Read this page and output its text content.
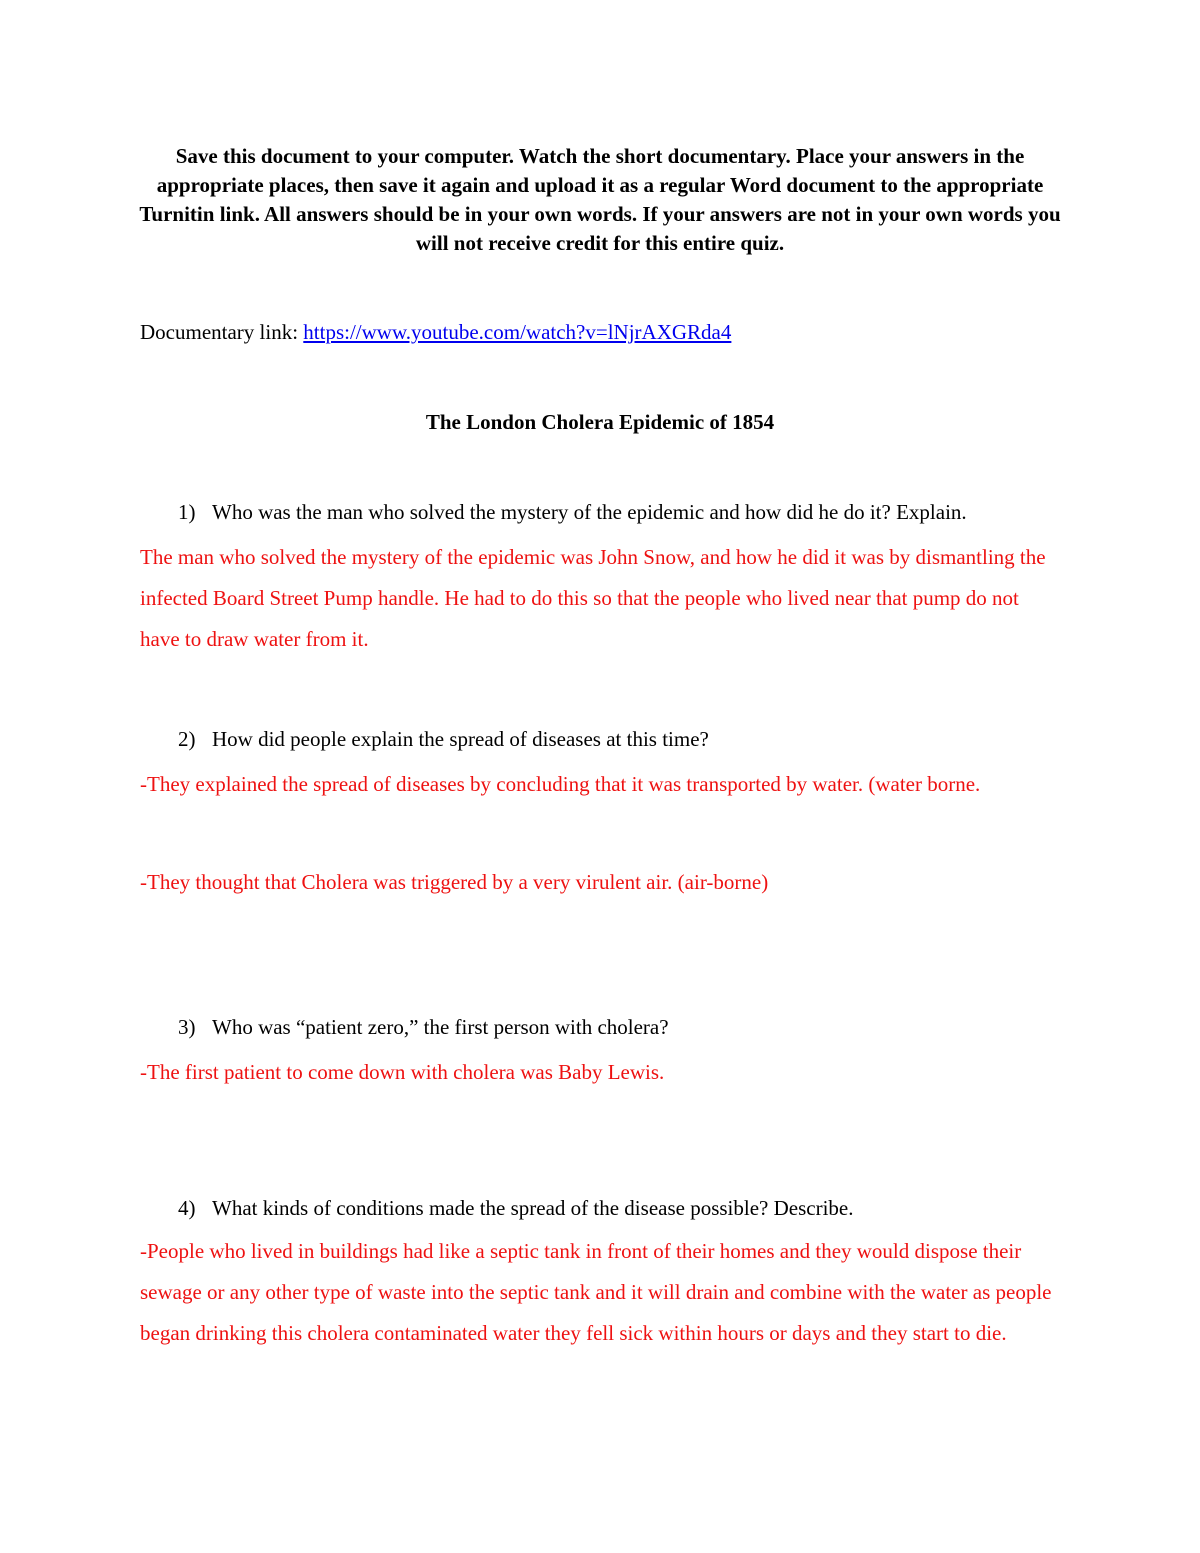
Save this document to your computer. Watch the short documentary. Place your answers in the appropriate places, then save it again and upload it as a regular Word document to the appropriate Turnitin link. All answers should be in your own words. If your answers are not in your own words you will not receive credit for this entire quiz.
Documentary link: https://www.youtube.com/watch?v=lNjrAXGRda4
The London Cholera Epidemic of 1854
1) Who was the man who solved the mystery of the epidemic and how did he do it? Explain.
The man who solved the mystery of the epidemic was John Snow, and how he did it was by dismantling the infected Board Street Pump handle. He had to do this so that the people who lived near that pump do not have to draw water from it.
2) How did people explain the spread of diseases at this time?
-They explained the spread of diseases by concluding that it was transported by water. (water borne.
-They thought that Cholera was triggered by a very virulent air. (air-borne)
3) Who was “patient zero,” the first person with cholera?
-The first patient to come down with cholera was Baby Lewis.
4) What kinds of conditions made the spread of the disease possible? Describe.
-People who lived in buildings had like a septic tank in front of their homes and they would dispose their sewage or any other type of waste into the septic tank and it will drain and combine with the water as people began drinking this cholera contaminated water they fell sick within hours or days and they start to die.
